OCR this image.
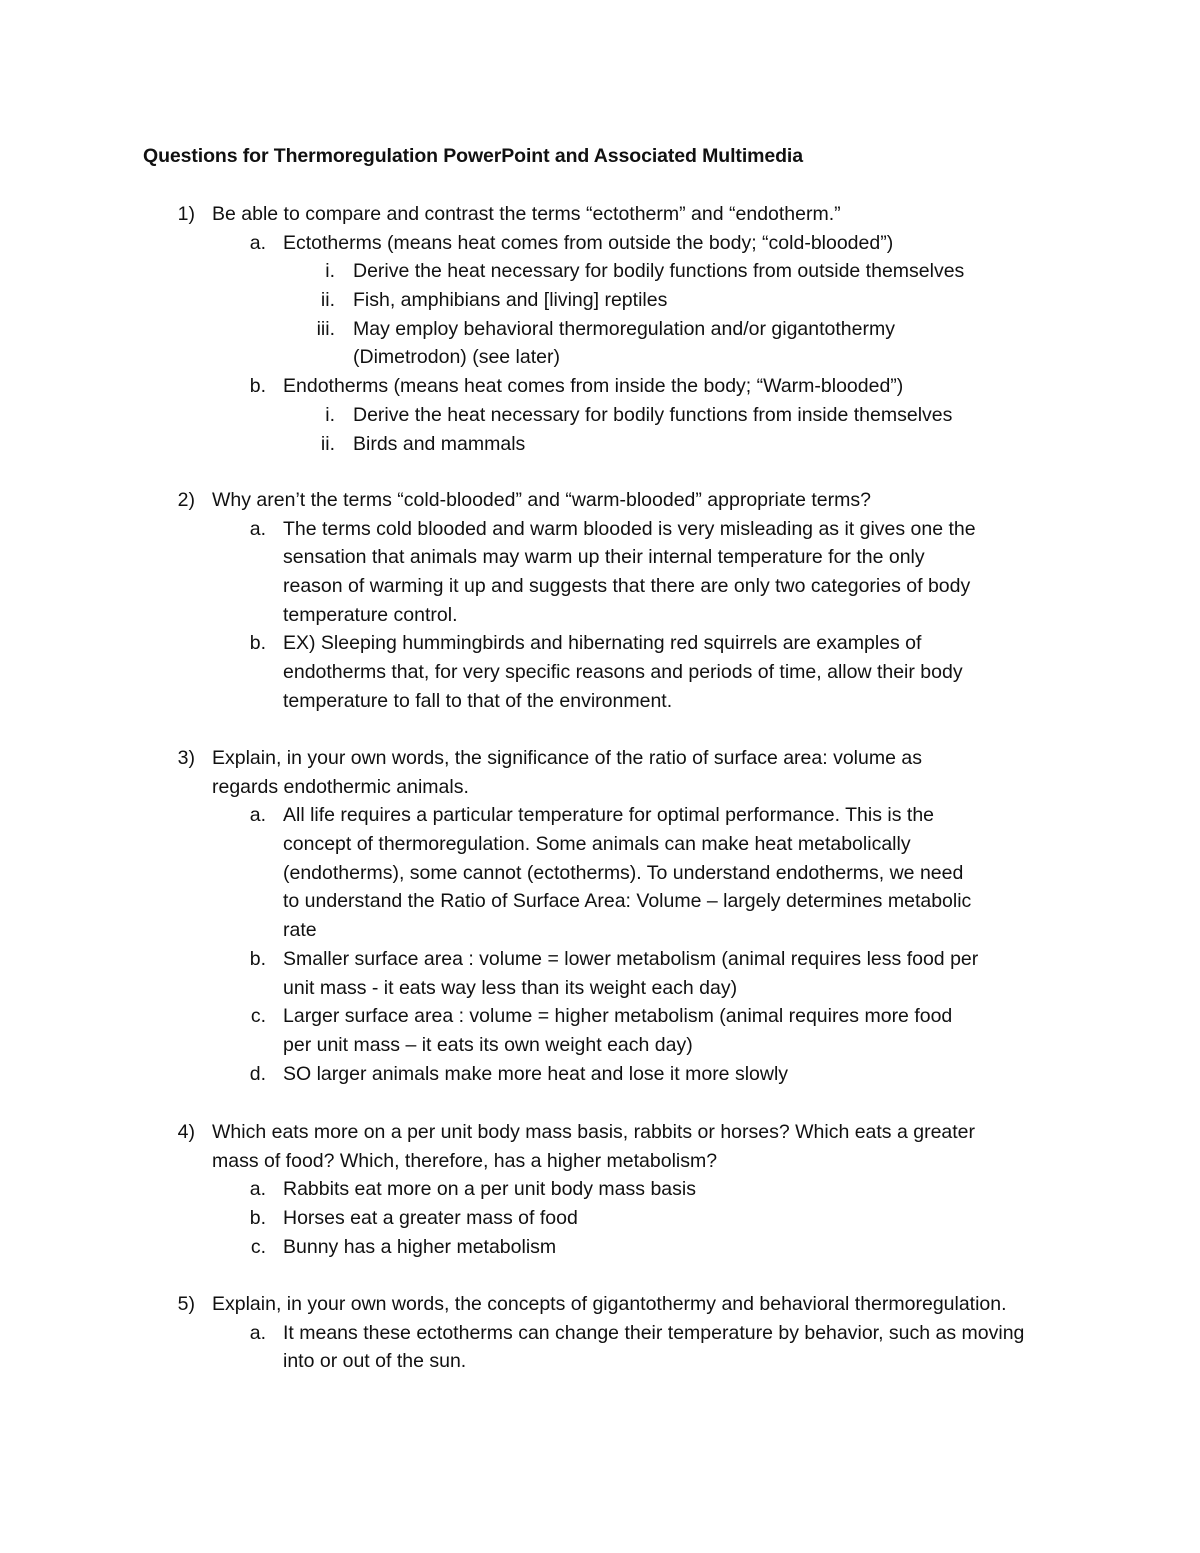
Questions for Thermoregulation PowerPoint and Associated Multimedia
1) Be able to compare and contrast the terms “ectotherm” and “endotherm.”
a. Ectotherms (means heat comes from outside the body; “cold-blooded”)
i. Derive the heat necessary for bodily functions from outside themselves
ii. Fish, amphibians and [living] reptiles
iii. May employ behavioral thermoregulation and/or gigantothermy
(Dimetrodon) (see later)
b. Endotherms (means heat comes from inside the body; “Warm-blooded”)
i. Derive the heat necessary for bodily functions from inside themselves
ii. Birds and mammals
2) Why aren’t the terms “cold-blooded” and “warm-blooded” appropriate terms?
a. The terms cold blooded and warm blooded is very misleading as it gives one the
sensation that animals may warm up their internal temperature for the only
reason of warming it up and suggests that there are only two categories of body
temperature control.
b. EX) Sleeping hummingbirds and hibernating red squirrels are examples of
endotherms that, for very specific reasons and periods of time, allow their body
temperature to fall to that of the environment.
3) Explain, in your own words, the significance of the ratio of surface area: volume as
regards endothermic animals.
a. All life requires a particular temperature for optimal performance. This is the
concept of thermoregulation. Some animals can make heat metabolically
(endotherms), some cannot (ectotherms). To understand endotherms, we need
to understand the Ratio of Surface Area: Volume – largely determines metabolic
rate
b. Smaller surface area : volume = lower metabolism (animal requires less food per
unit mass - it eats way less than its weight each day)
c. Larger surface area : volume = higher metabolism (animal requires more food
per unit mass – it eats its own weight each day)
d. SO larger animals make more heat and lose it more slowly
4) Which eats more on a per unit body mass basis, rabbits or horses? Which eats a greater
mass of food? Which, therefore, has a higher metabolism?
a. Rabbits eat more on a per unit body mass basis
b. Horses eat a greater mass of food
c. Bunny has a higher metabolism
5) Explain, in your own words, the concepts of gigantothermy and behavioral thermoregulation.
a. It means these ectotherms can change their temperature by behavior, such as moving
into or out of the sun.
